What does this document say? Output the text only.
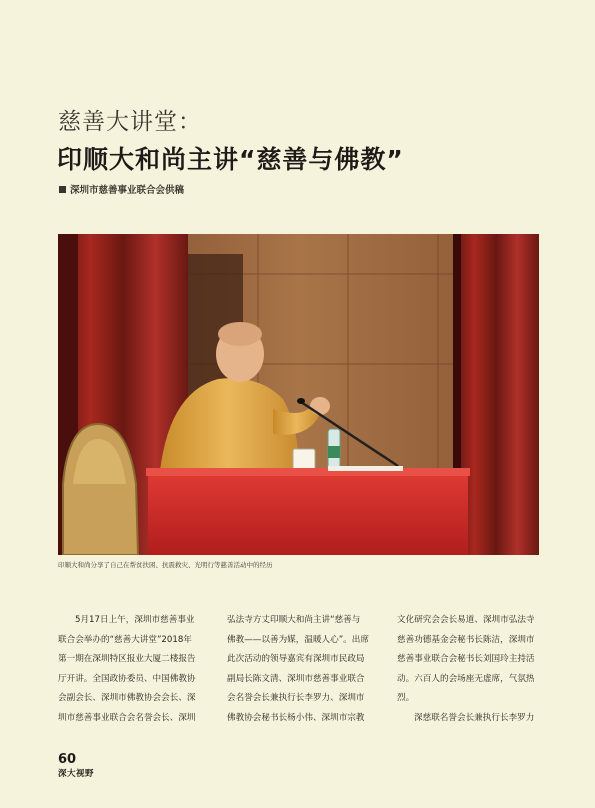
慈善大讲堂：
印顺大和尚主讲“慈善与佛教”
深圳市慈善事业联合会供稿
印顺大和尚分享了自己在帮贫扶困、抗震救灾、光明行等慈善活动中的经历
5月17日上午，深圳市慈善事业
联合会举办的“慈善大讲堂”2018年
第一期在深圳特区报业大厦二楼报告
厅开讲。全国政协委员、中国佛教协
会副会长、深圳市佛教协会会长、深
圳市慈善事业联合会名誉会长、深圳
弘法寺方丈印顺大和尚主讲“慈善与
佛教——以善为媒，温暖人心”。出席
此次活动的领导嘉宾有深圳市民政局
副局长陈文清、深圳市慈善事业联合
会名誉会长兼执行长李罗力、深圳市
佛教协会秘书长杨小伟、深圳市宗教
文化研究会会长易道、深圳市弘法寺
慈善功德基金会秘书长陈洁，深圳市
慈善事业联合会秘书长刘国玲主持活
动。六百人的会场座无虚席，气氛热
烈。
深慈联名誉会长兼执行长李罗力
60
深大视野
